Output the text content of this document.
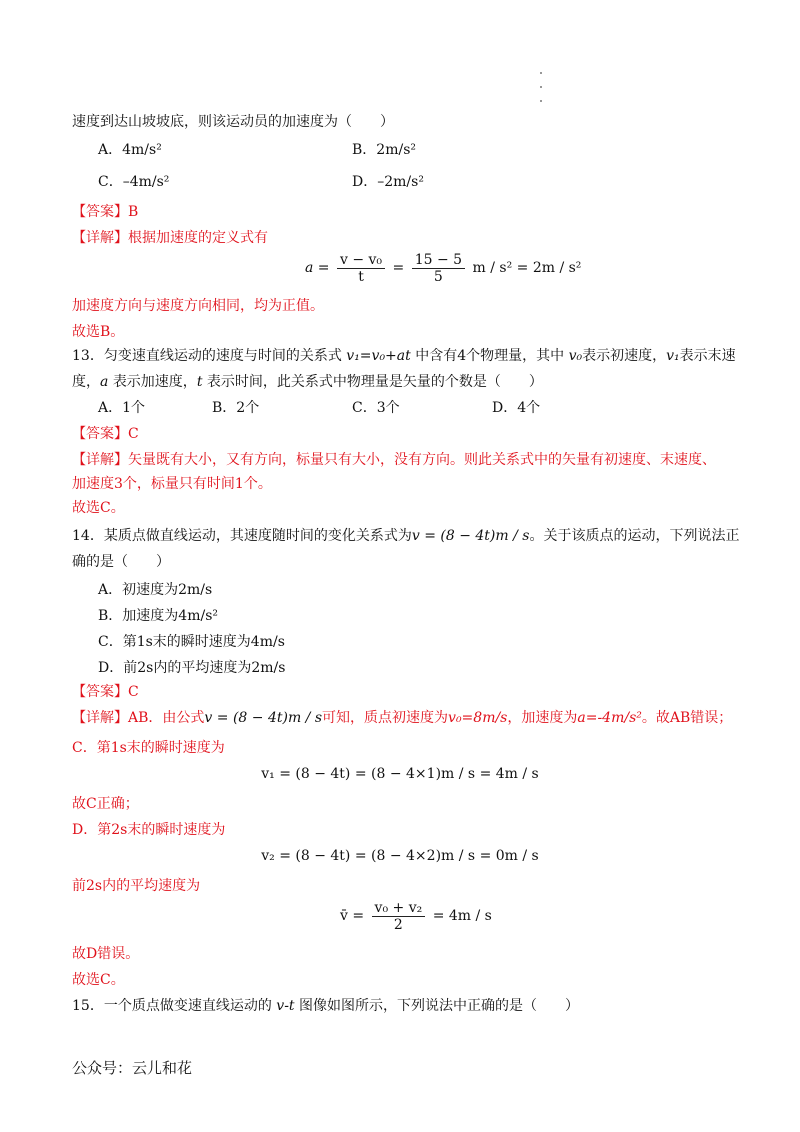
速度到达山坡坡底，则该运动员的加速度为（　　）
A．4m/s²	B．2m/s²
C．–4m/s²	D．–2m/s²
【答案】B
【详解】根据加速度的定义式有
$a = \frac{\text{v − v₀}}{t} = \frac{15 - 5}{5}$ m / s² = 2m / s²
加速度方向与速度方向相同，均为正值。
故选B。
13．匀变速直线运动的速度与时间的关系式 v₁=v₀+at 中含有4个物理量，其中 v₀表示初速度，v₁表示末速
度，a 表示加速度，t 表示时间，此关系式中物理量是矢量的个数是（　　）
A．1个	B．2个	C．3个	D．4个
【答案】C
【详解】矢量既有大小，又有方向，标量只有大小，没有方向。则此关系式中的矢量有初速度、末速度、
加速度3个，标量只有时间1个。
故选C。
14．某质点做直线运动，其速度随时间的变化关系式为v = (8 − 4t)m / s。关于该质点的运动，下列说法正
确的是（　　）
A．初速度为2m/s
B．加速度为4m/s²
C．第1s末的瞬时速度为4m/s
D．前2s内的平均速度为2m/s
【答案】C
【详解】AB．由公式v = (8 − 4t)m / s可知，质点初速度为v₀=8m/s，加速度为a=-4m/s²。故AB错误；
C．第1s末的瞬时速度为
v₁ = (8 − 4t) = (8 − 4×1)m / s = 4m / s
故C正确；
D．第2s末的瞬时速度为
v₂ = (8 − 4t) = (8 − 4×2)m / s = 0m / s
前2s内的平均速度为
v̄ = $\frac{\text{v₀ + v₂}}{2} = 4m / s$
故D错误。
故选C。
15．一个质点做变速直线运动的 v-t 图像如图所示，下列说法中正确的是（　　）
公众号：云儿和花
